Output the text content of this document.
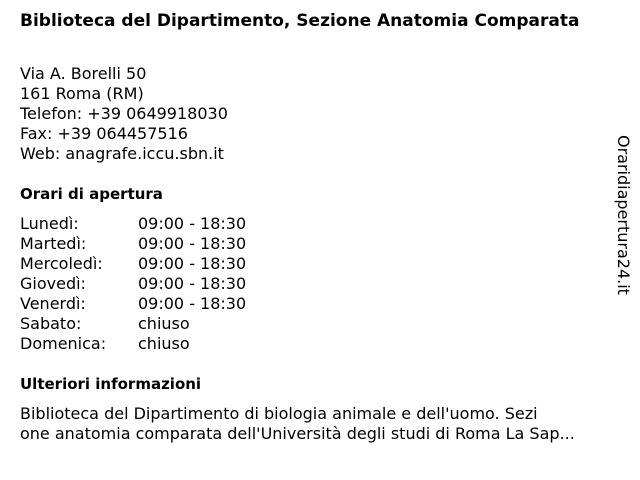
Biblioteca del Dipartimento, Sezione Anatomia Comparata
Via A. Borelli 50
161 Roma (RM)
Telefon: +39 0649918030
Fax: +39 064457516
Web: anagrafe.iccu.sbn.it
Orari di apertura
Lunedì:	09:00 - 18:30
Martedì:	09:00 - 18:30
Mercoledì:	09:00 - 18:30
Giovedì:	09:00 - 18:30
Venerdì:	09:00 - 18:30
Sabato:	chiuso
Domenica:	chiuso
Ulteriori informazioni
Biblioteca del Dipartimento di biologia animale e dell'uomo. Sezi
one anatomia comparata dell'Università degli studi di Roma La Sap...
Oraridiapertura24.it
